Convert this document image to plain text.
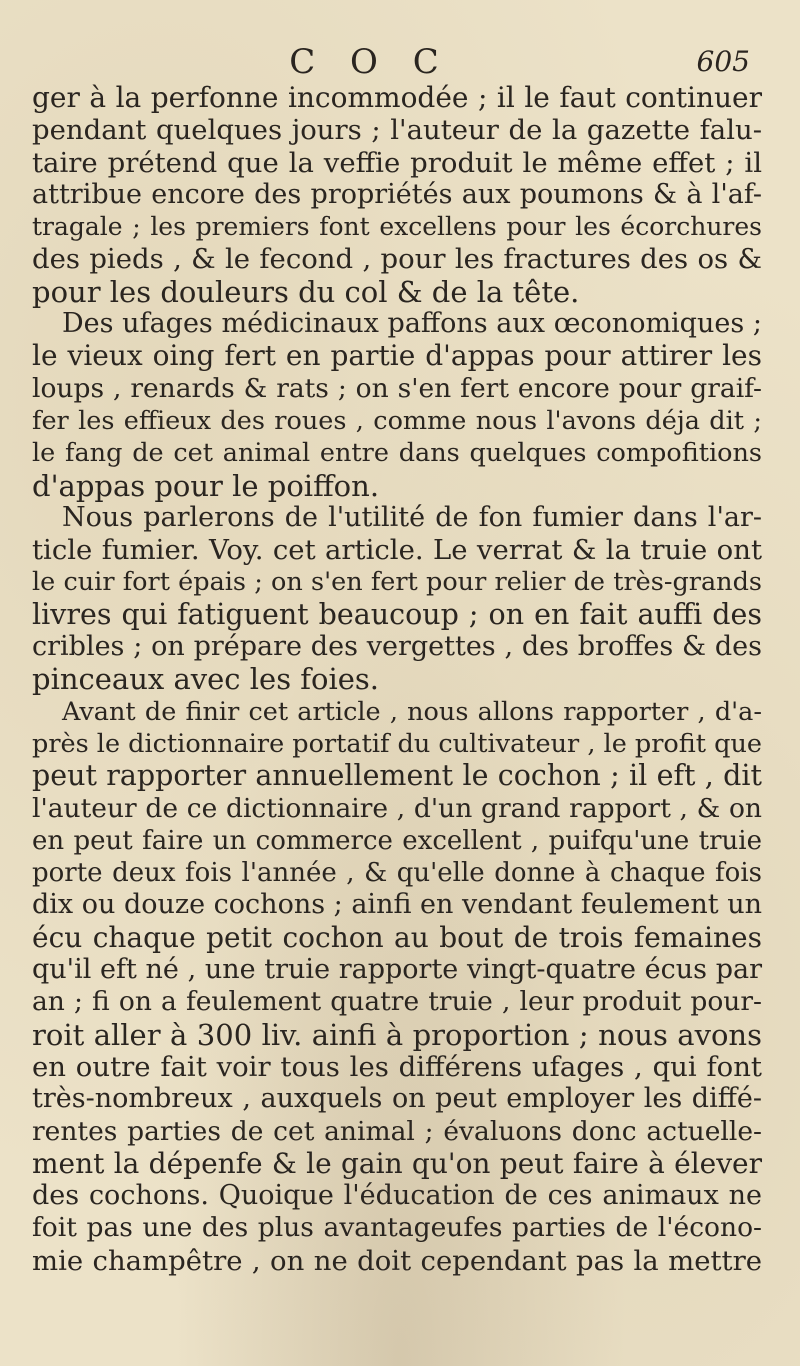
C O C	605
ger à la perfonne incommodée ; il le faut continuer
pendant quelques jours ; l'auteur de la gazette falu-
taire prétend que la veffie produit le même effet ; il
attribue encore des propriétés aux poumons & à l'af-
tragale ; les premiers font excellens pour les écorchures
des pieds , & le fecond , pour les fractures des os &
pour les douleurs du col & de la tête.
Des ufages médicinaux paffons aux œconomiques ;
le vieux oing fert en partie d'appas pour attirer les
loups , renards & rats ; on s'en fert encore pour graif-
fer les effieux des roues , comme nous l'avons déja dit ;
le fang de cet animal entre dans quelques compofitions
d'appas pour le poiffon.
Nous parlerons de l'utilité de fon fumier dans l'ar-
ticle fumier. Voy. cet article. Le verrat & la truie ont
le cuir fort épais ; on s'en fert pour relier de très-grands
livres qui fatiguent beaucoup ; on en fait auffi des
cribles ; on prépare des vergettes , des broffes & des
pinceaux avec les foies.
Avant de finir cet article , nous allons rapporter , d'a-
près le dictionnaire portatif du cultivateur , le profit que
peut rapporter annuellement le cochon ; il eft , dit
l'auteur de ce dictionnaire , d'un grand rapport , & on
en peut faire un commerce excellent , puifqu'une truie
porte deux fois l'année , & qu'elle donne à chaque fois
dix ou douze cochons ; ainfi en vendant feulement un
écu chaque petit cochon au bout de trois femaines
qu'il eft né , une truie rapporte vingt-quatre écus par
an ; fi on a feulement quatre truie , leur produit pour-
roit aller à 300 liv. ainfi à proportion ; nous avons
en outre fait voir tous les différens ufages , qui font
très-nombreux , auxquels on peut employer les diffé-
rentes parties de cet animal ; évaluons donc actuelle-
ment la dépenfe & le gain qu'on peut faire à élever
des cochons. Quoique l'éducation de ces animaux ne
foit pas une des plus avantageufes parties de l'écono-
mie champêtre , on ne doit cependant pas la mettre
